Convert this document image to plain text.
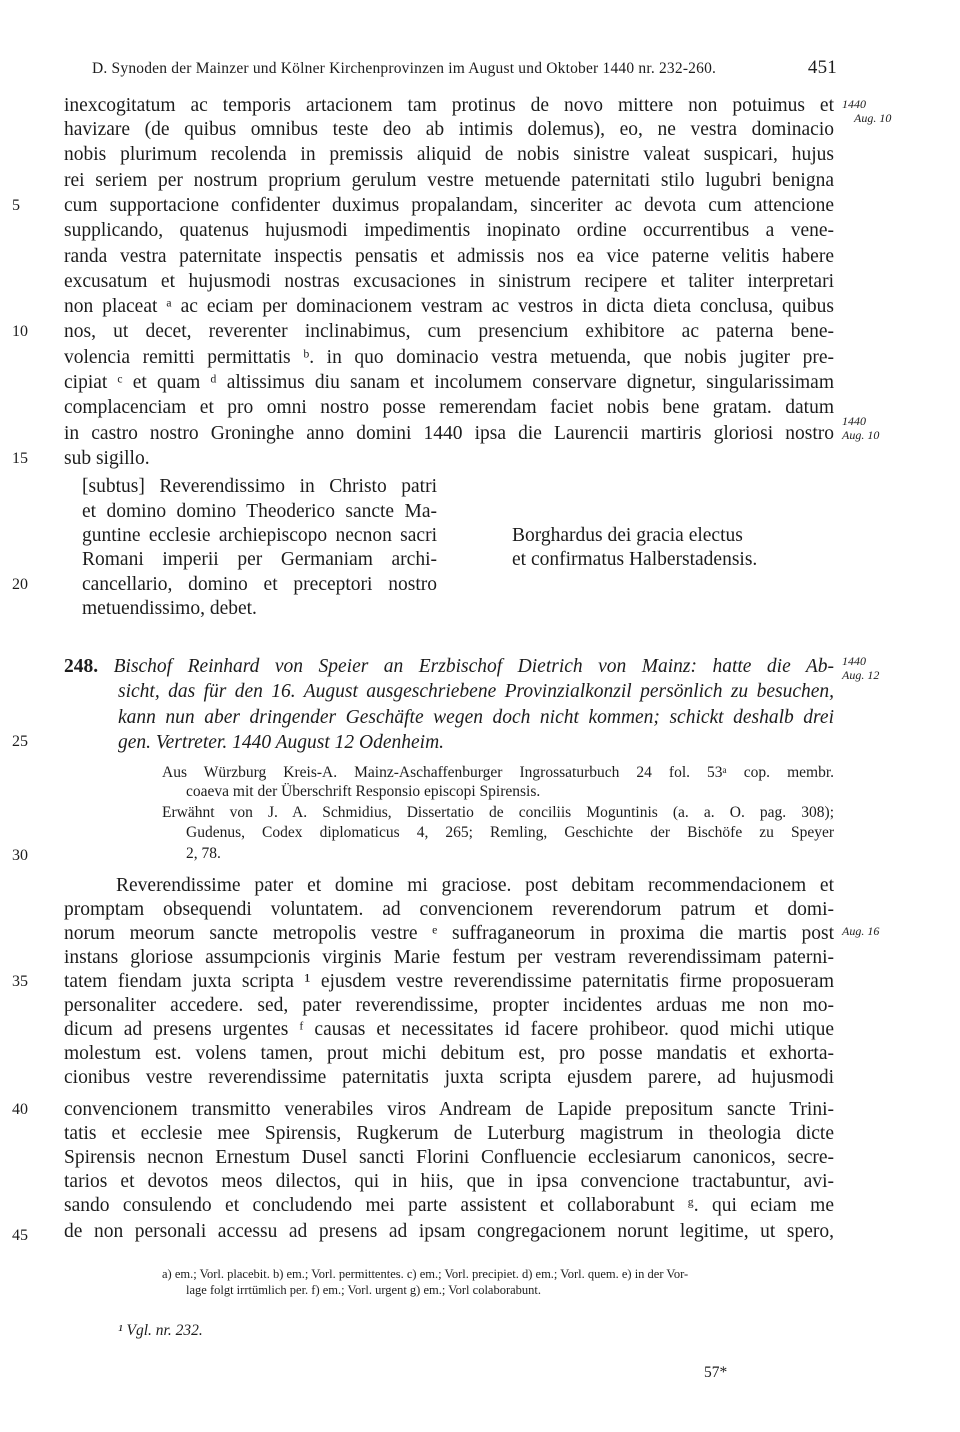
D. Synoden der Mainzer und Kölner Kirchenprovinzen im August und Oktober 1440 nr. 232-260.	451
inexcogitatum ac temporis artacionem tam protinus de novo mittere non potuimus et
havizare (de quibus omnibus teste deo ab intimis dolemus), eo, ne vestra dominacio
nobis plurimum recolenda in premissis aliquid de nobis sinistre valeat suspicari, hujus
rei seriem per nostrum proprium gerulum vestre metuende paternitati stilo lugubri benigna
cum supportacione confidenter duximus propalandam, sinceriter ac devota cum attencione
supplicando, quatenus hujusmodi impedimentis inopinato ordine occurrentibus a vene-
randa vestra paternitate inspectis pensatis et admissis nos ea vice paterne velitis habere
excusatum et hujusmodi nostras excusaciones in sinistrum recipere et taliter interpretari
non placeat ᵃ ac eciam per dominacionem vestram ac vestros in dicta dieta conclusa, quibus
nos, ut decet, reverenter inclinabimus, cum presencium exhibitore ac paterna bene-
volencia remitti permittatis ᵇ. in quo dominacio vestra metuenda, que nobis jugiter pre-
cipiat ᶜ et quam ᵈ altissimus diu sanam et incolumem conservare dignetur, singularissimam
complacenciam et pro omni nostro posse remerendam faciet nobis bene gratam. datum
in castro nostro Groninghe anno domini 1440 ipsa die Laurencii martiris gloriosi nostro
sub sigillo.
5
10
15
20
25
30
35
40
45
1440
Aug. 10
1440
Aug. 10
1440
Aug. 12
Aug. 16
[subtus] Reverendissimo in Christo patri
et domino domino Theoderico sancte Ma-
guntine ecclesie archiepiscopo necnon sacri
Romani imperii per Germaniam archi-
cancellario, domino et preceptori nostro
metuendissimo, debet.
Borghardus dei gracia electus
et confirmatus Halberstadensis.
248. Bischof Reinhard von Speier an Erzbischof Dietrich von Mainz: hatte die Ab-
sicht, das für den 16. August ausgeschriebene Provinzialkonzil persönlich zu besuchen,
kann nun aber dringender Geschäfte wegen doch nicht kommen; schickt deshalb drei
gen. Vertreter. 1440 August 12 Odenheim.
Aus Würzburg Kreis-A. Mainz-Aschaffenburger Ingrossaturbuch 24 fol. 53ᵃ cop. membr.
coaeva mit der Überschrift Responsio episcopi Spirensis.
Erwähnt von J. A. Schmidius, Dissertatio de conciliis Moguntinis (a. a. O. pag. 308);
Gudenus, Codex diplomaticus 4, 265; Remling, Geschichte der Bischöfe zu Speyer
2, 78.
Reverendissime pater et domine mi graciose. post debitam recommendacionem et
promptam obsequendi voluntatem. ad convencionem reverendorum patrum et domi-
norum meorum sancte metropolis vestre ᵉ suffraganeorum in proxima die martis post
instans gloriose assumpcionis virginis Marie festum per vestram reverendissimam paterni-
tatem fiendam juxta scripta ¹ ejusdem vestre reverendissime paternitatis firme proposueram
personaliter accedere. sed, pater reverendissime, propter incidentes arduas me non mo-
dicum ad presens urgentes ᶠ causas et necessitates id facere prohibeor. quod michi utique
molestum est. volens tamen, prout michi debitum est, pro posse mandatis et exhorta-
cionibus vestre reverendissime paternitatis juxta scripta ejusdem parere, ad hujusmodi
convencionem transmitto venerabiles viros Andream de Lapide prepositum sancte Trini-
tatis et ecclesie mee Spirensis, Rugkerum de Luterburg magistrum in theologia dicte
Spirensis necnon Ernestum Dusel sancti Florini Confluencie ecclesiarum canonicos, secre-
tarios et devotos meos dilectos, qui in hiis, que in ipsa convencione tractabuntur, avi-
sando consulendo et concludendo mei parte assistent et collaborabunt ᵍ. qui eciam me
de non personali accessu ad presens ad ipsam congregacionem norunt legitime, ut spero,
a) em.; Vorl. placebit. b) em.; Vorl. permittentes. c) em.; Vorl. precipiet. d) em.; Vorl. quem. e) in der Vor-
lage folgt irrtümlich per. f) em.; Vorl. urgent g) em.; Vorl colaborabunt.
¹ Vgl. nr. 232.
57*
